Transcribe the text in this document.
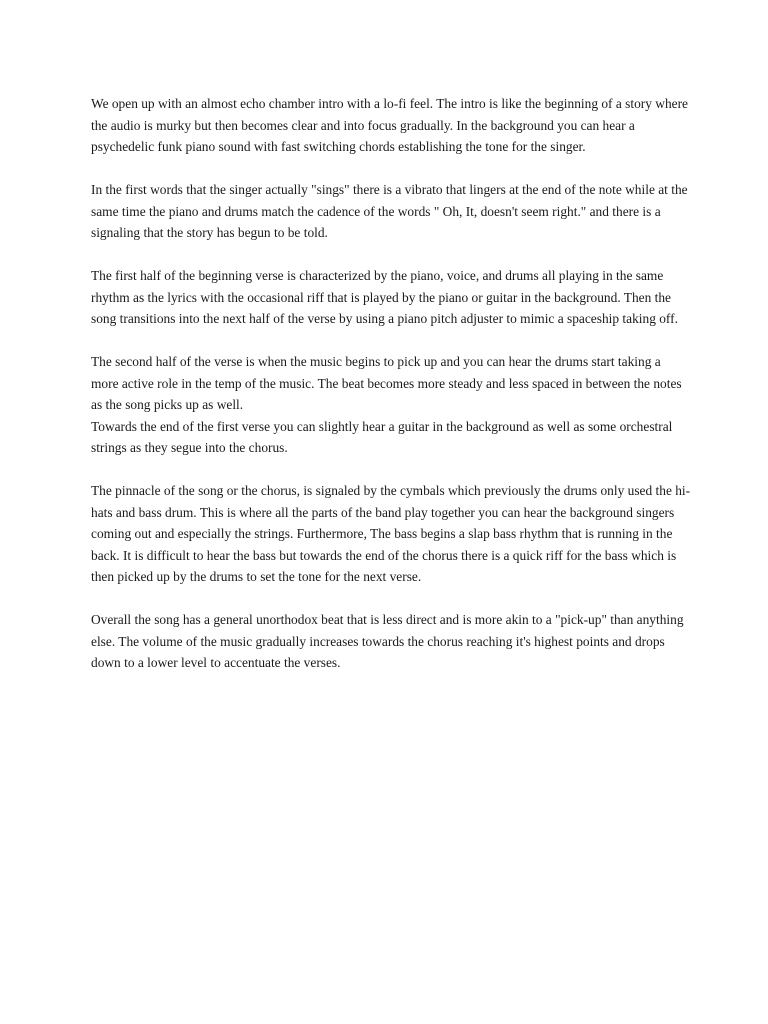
We open up with an almost echo chamber intro with a lo-fi feel. The intro is like the beginning of a story where the audio is murky but then becomes clear and into focus gradually. In the background you can hear a psychedelic funk piano sound with fast switching chords establishing the tone for the singer.

In the first words that the singer actually "sings" there is a vibrato that lingers at the end of the note while at the same time the piano and drums match the cadence of the words " Oh, It, doesn't seem right." and there is a signaling that the story has begun to be told.

The first half of the beginning verse is characterized by the piano, voice, and drums all playing in the same rhythm as the lyrics with the occasional riff that is played by the piano or guitar in the background. Then the song transitions into the next half of the verse by using a piano pitch adjuster to mimic a spaceship taking off.

The second half of the verse is when the music begins to pick up and you can hear the drums start taking a more active role in the temp of the music. The beat becomes more steady and less spaced in between the notes as the song picks up as well.

Towards the end of the first verse you can slightly hear a guitar in the background as well as some orchestral strings as they segue into the chorus.

The pinnacle of the song or the chorus, is signaled by the cymbals which previously the drums only used the hi-hats and bass drum. This is where all the parts of the band play together you can hear the background singers coming out and especially the strings. Furthermore, The bass begins a slap bass rhythm that is running in the back. It is difficult to hear the bass but towards the end of the chorus there is a quick riff for the bass which is then picked up by the drums to set the tone for the next verse.

Overall the song has a general unorthodox beat that is less direct and is more akin to a "pick-up" than anything else. The volume of the music gradually increases towards the chorus reaching it's highest points and drops down to a lower level to accentuate the verses.
